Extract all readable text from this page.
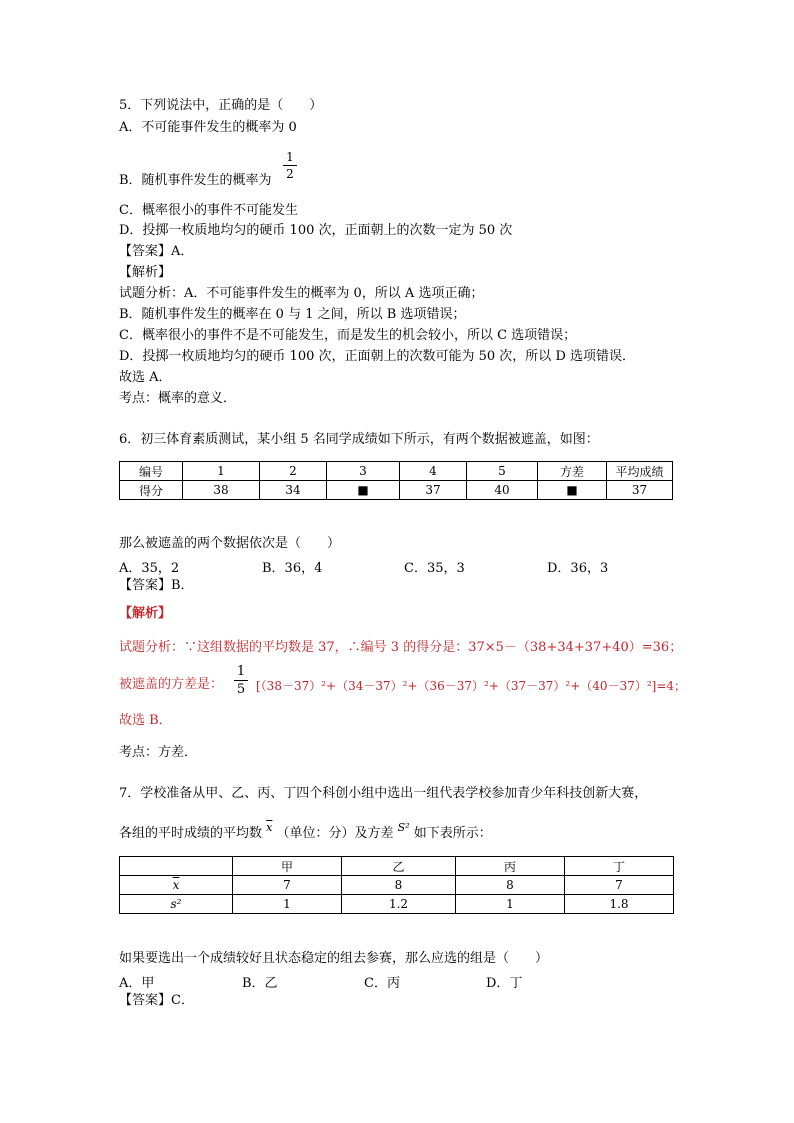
5．下列说法中，正确的是（　　）
A．不可能事件发生的概率为 0
1
2
B．随机事件发生的概率为
C．概率很小的事件不可能发生
D．投掷一枚质地均匀的硬币 100 次，正面朝上的次数一定为 50 次
【答案】A．
【解析】
试题分析：A．不可能事件发生的概率为 0，所以 A 选项正确；
B．随机事件发生的概率在 0 与 1 之间，所以 B 选项错误；
C．概率很小的事件不是不可能发生，而是发生的机会较小，所以 C 选项错误；
D．投掷一枚质地均匀的硬币 100 次，正面朝上的次数可能为 50 次，所以 D 选项错误．
故选 A．
考点：概率的意义．
6．初三体育素质测试，某小组 5 名同学成绩如下所示，有两个数据被遮盖，如图：
编号	1	2	3	4	5	方差	平均成绩
得分	38	34	■	37	40	■	37
那么被遮盖的两个数据依次是（　　）
A．35，2	B．36，4	C．35，3	D．36，3
【答案】B．
【解析】
试题分析：∵这组数据的平均数是 37，∴编号 3 的得分是：37×5－（38+34+37+40）=36；
被遮盖的方差是：
1
5 [（38－37）²+（34－37）²+（36－37）²+（37－37）²+（40－37）²]=4；
故选 B．
考点：方差．
7．学校准备从甲、乙、丙、丁四个科创小组中选出一组代表学校参加青少年科技创新大赛，
各组的平时成绩的平均数 $^{\overline{x}}$ （单位：分）及方差 $^{S^2}$ 如下表所示：
	甲	乙	丙	丁
$\overline{x}$	7	8	8	7
s²	1	1.2	1	1.8
如果要选出一个成绩较好且状态稳定的组去参赛，那么应选的组是（　　）
A．甲	B．乙	C．丙	D．丁
【答案】C．
